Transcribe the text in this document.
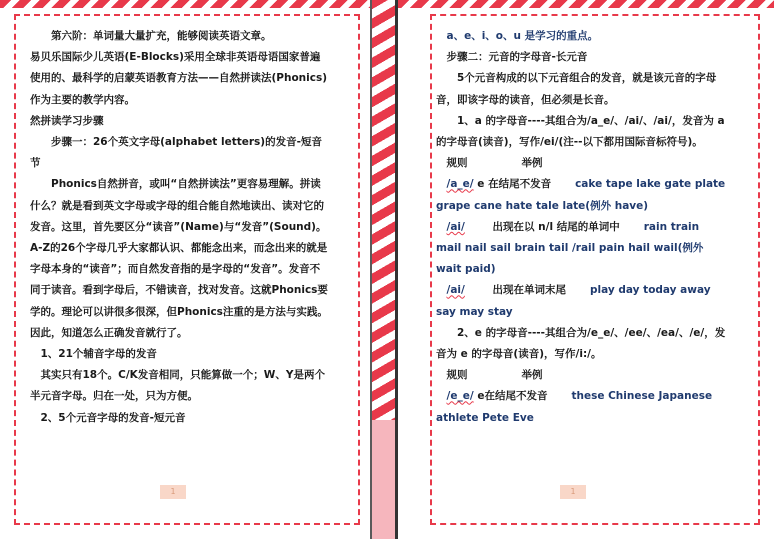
第六阶：单词量大量扩充，能够阅读英语文章。

易贝乐国际少儿英语(E-Blocks)采用全球非英语母语国家普遍使用的、最科学的启蒙英语教育方法——自然拼读法(Phonics)作为主要的教学内容。

然拼读学习步骤

步骤一：26个英文字母(alphabet letters)的发音-短音节

Phonics自然拼音，或叫“自然拼读法”更容易理解。拼读什么？就是看到英文字母或字母的组合能自然地读出、读对它的发音。这里，首先要区分“读音”(Name)与“发音”(Sound)。A-Z的26个字母几乎大家都认识、都能念出来，而念出来的就是字母本身的“读音”；而自然发音指的是字母的“发音”。发音不同于读音。看到字母后，不错读音，找对发音。这就Phonics要学的。理论可以讲很多很深，但Phonics注重的是方法与实践。因此，知道怎么正确发音就行了。

1、21个辅音字母的发音

其实只有18个。C/K发音相同，只能算做一个；W、Y是两个半元音字母。归在一处，只为方便。

2、5个元音字母的发音-短元音

1

a、e、i、o、u 是学习的重点。

步骤二：元音的字母音-长元音

5个元音构成的以下元音组合的发音，就是该元音的字母音，即该字母的读音，但必须是长音。

1、a 的字母音----其组合为/a_e/、/ai/、/ai/，发音为 a 的字母音(读音)，写作/ei/(注--以下都用国际音标符号)。

规则	举例

/a_e/ e 在结尾不发音 cake tape lake gate plate grape cane hate tale late(例外 have)

/ai/	出现在以 n/l 结尾的单词中 rain train mail nail sail brain tail /rail pain hail wail(例外 wait paid)

/ai/	出现在单词末尾 play day today away say may stay

2、e 的字母音----其组合为/e_e/、/ee/、/ea/、/e/，发音为 e 的字母音(读音)，写作/i:/。

规则	举例

/e_e/ e在结尾不发音 these Chinese Japanese athlete Pete Eve

1
